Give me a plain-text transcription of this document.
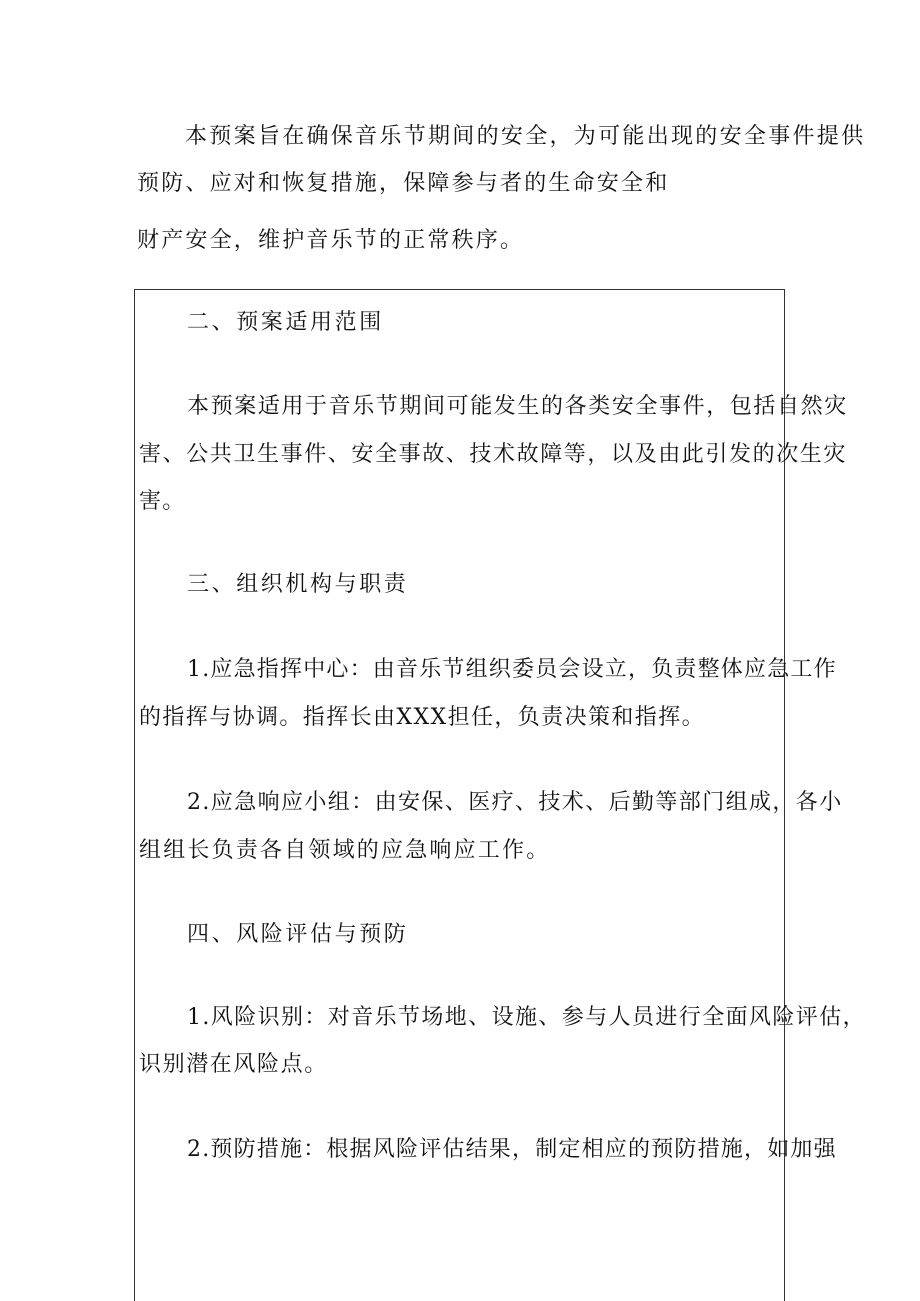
本预案旨在确保音乐节期间的安全，为可能出现的安全事件提供
预防、应对和恢复措施，保障参与者的生命安全和
财产安全，维护音乐节的正常秩序。
二、预案适用范围
本预案适用于音乐节期间可能发生的各类安全事件，包括自然灾
害、公共卫生事件、安全事故、技术故障等，以及由此引发的次生灾
害。
三、组织机构与职责
1.应急指挥中心：由音乐节组织委员会设立，负责整体应急工作
的指挥与协调。指挥长由XXX担任，负责决策和指挥。
2.应急响应小组：由安保、医疗、技术、后勤等部门组成，各小
组组长负责各自领域的应急响应工作。
四、风险评估与预防
1.风险识别：对音乐节场地、设施、参与人员进行全面风险评估，
识别潜在风险点。
2.预防措施：根据风险评估结果，制定相应的预防措施，如加强
